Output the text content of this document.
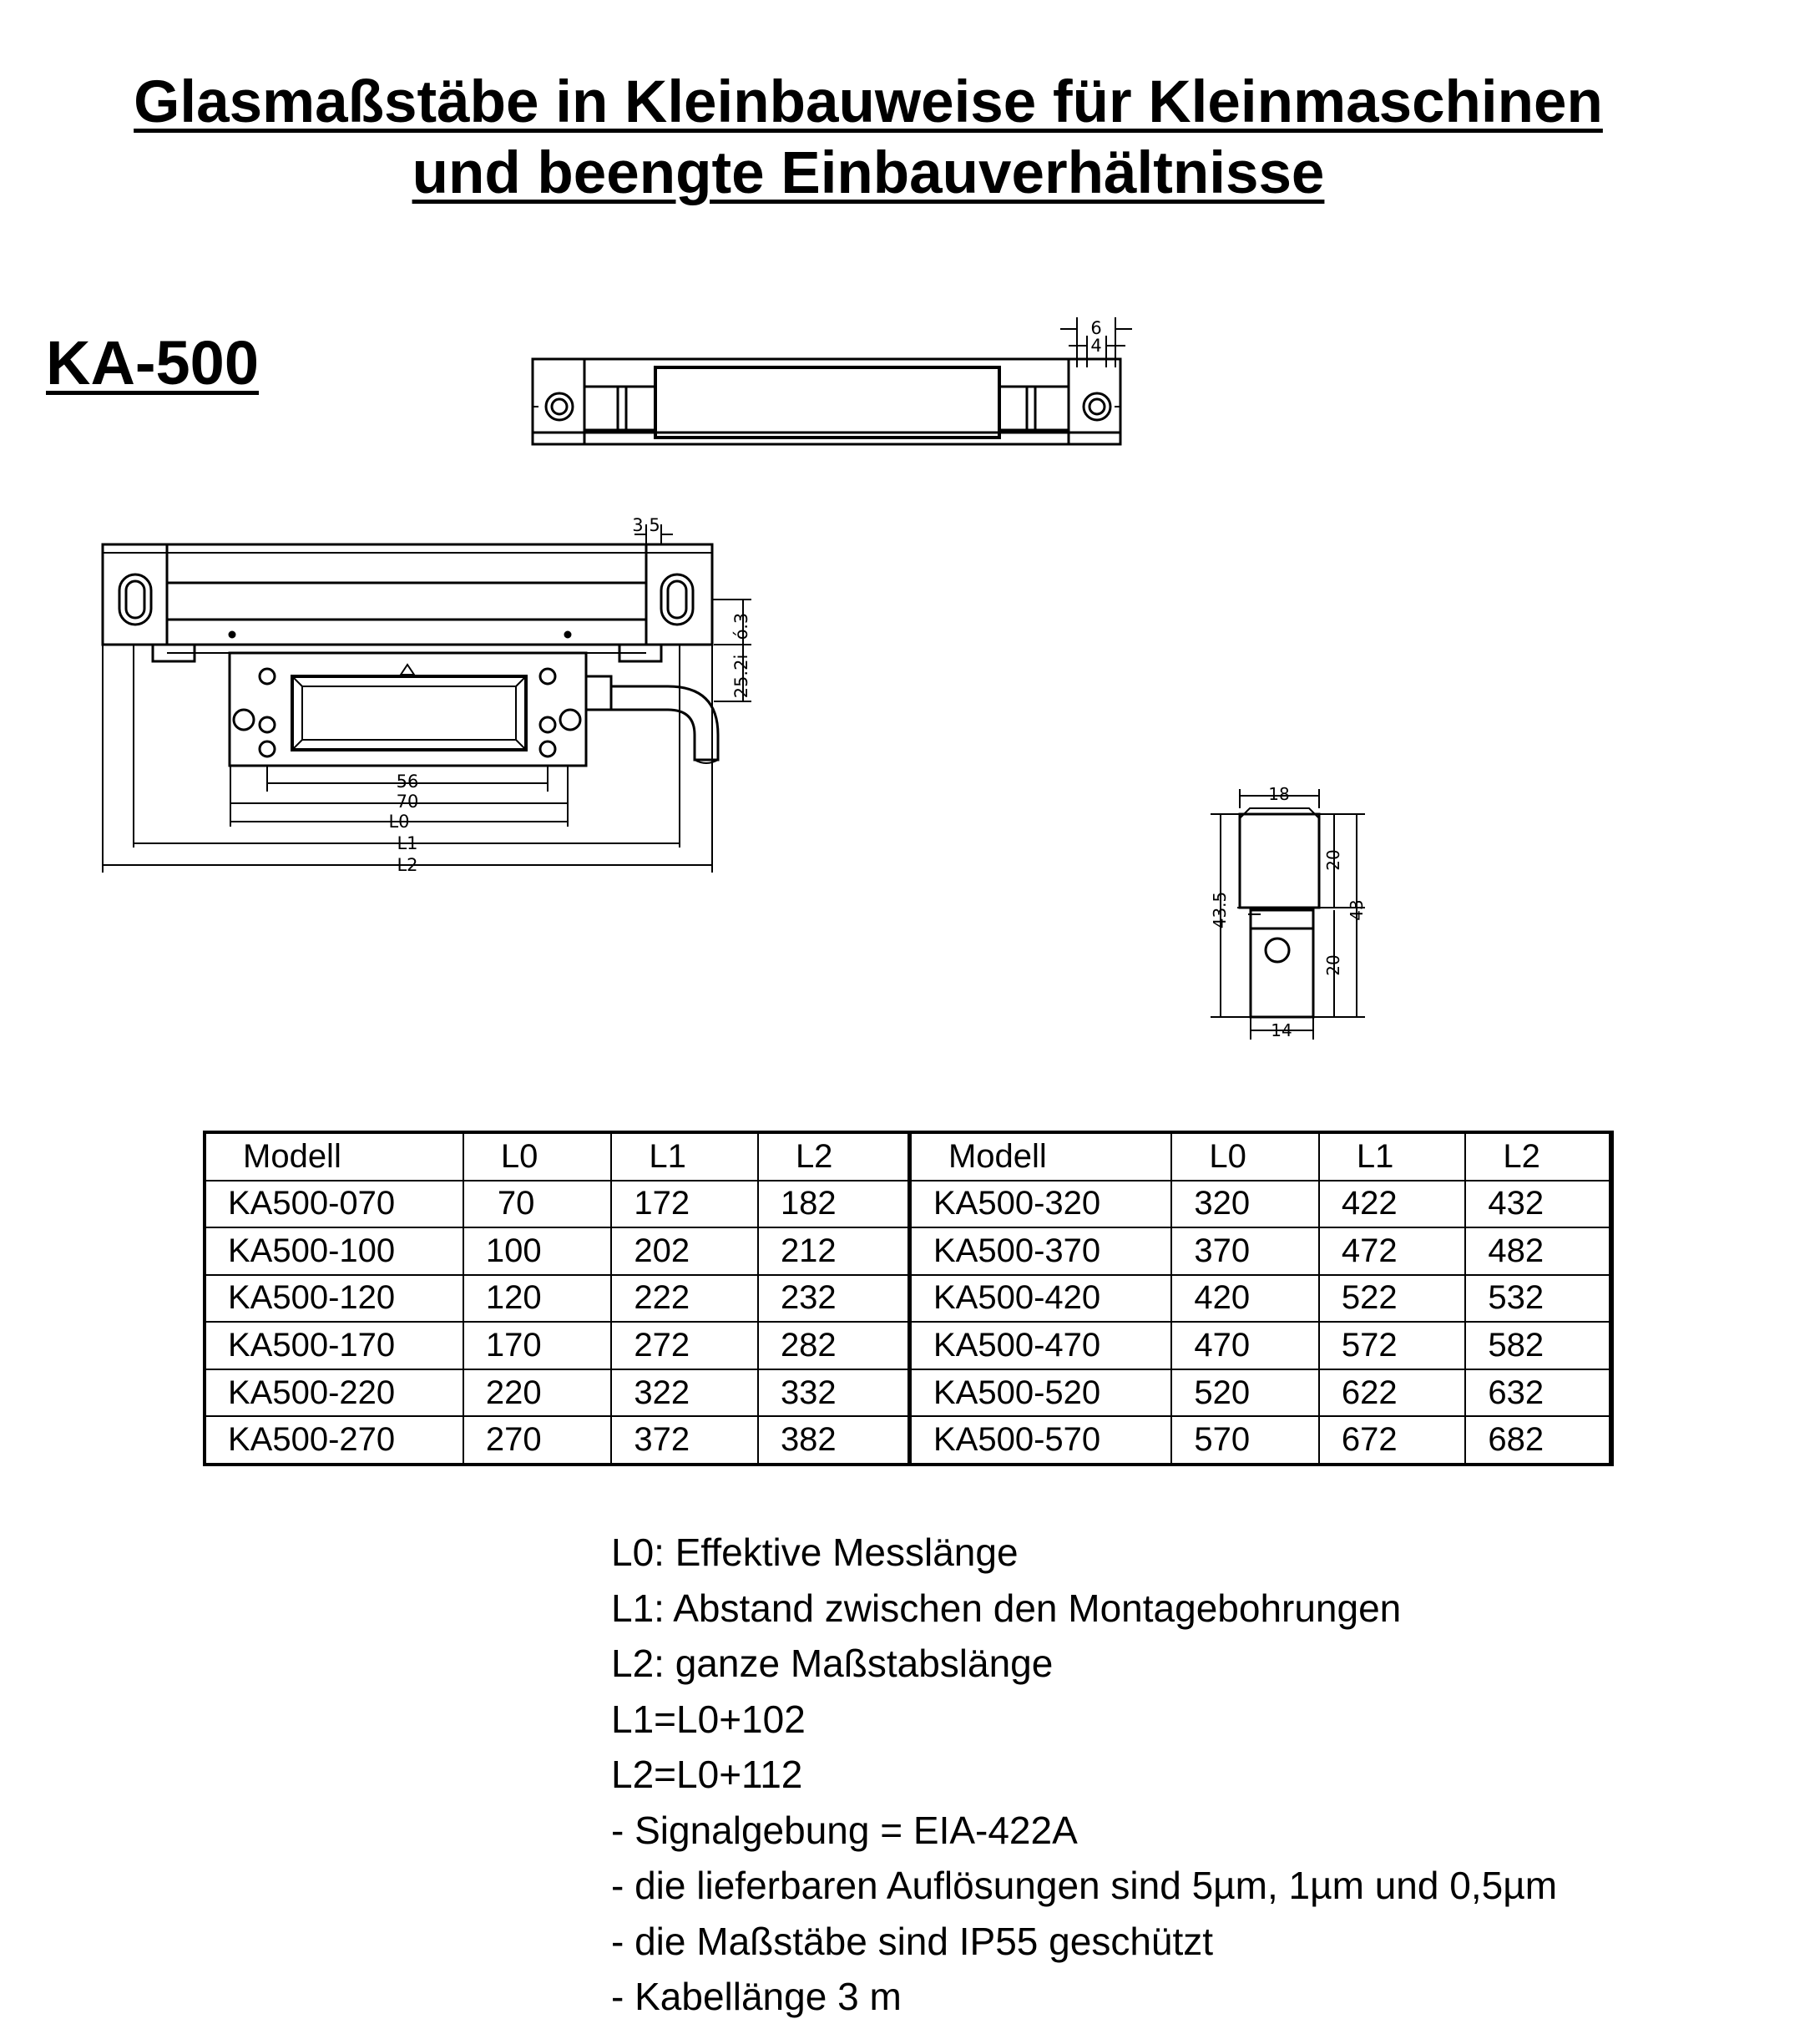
Glasmaßstäbe in Kleinbauweise für Kleinmaschinen
und beengte Einbauverhältnisse
KA-500	6
4
3.5
25.2i
ó.3
56
70
L0
L1
L2
18
14
43.5	43
20
20
Modell	L0	L1	L2	Modell	L0	L1	L2
KA500-070	70	172	182	KA500-320	320	422	432
KA500-100	100	202	212	KA500-370	370	472	482
KA500-120	120	222	232	KA500-420	420	522	532
KA500-170	170	272	282	KA500-470	470	572	582
KA500-220	220	322	332	KA500-520	520	622	632
KA500-270	270	372	382	KA500-570	570	672	682
L0: Effektive Messlänge
L1: Abstand zwischen den Montagebohrungen
L2: ganze Maßstabslänge
L1=L0+102
L2=L0+112
- Signalgebung = EIA-422A
- die lieferbaren Auflösungen sind 5µm, 1µm und 0,5µm
- die Maßstäbe sind IP55 geschützt
- Kabellänge 3 m
